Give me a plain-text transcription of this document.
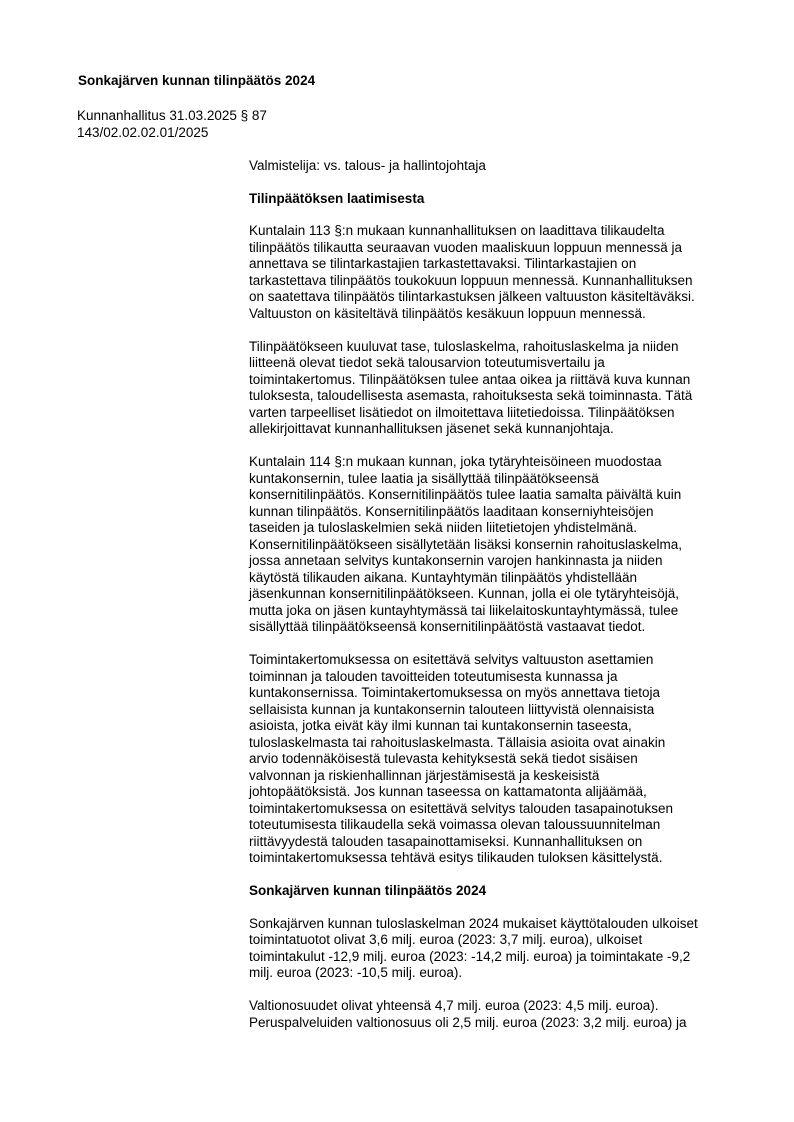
Sonkajärven kunnan tilinpäätös 2024
Kunnanhallitus 31.03.2025 § 87
143/02.02.02.01/2025
Valmistelija: vs. talous- ja hallintojohtaja
Tilinpäätöksen laatimisesta
Kuntalain 113 §:n mukaan kunnanhallituksen on laadittava tilikaudelta
tilinpäätös tilikautta seuraavan vuoden maaliskuun loppuun mennessä ja
annettava se tilintarkastajien tarkastettavaksi. Tilintarkastajien on
tarkastettava tilinpäätös toukokuun loppuun mennessä. Kunnanhallituksen
on saatettava tilinpäätös tilintarkastuksen jälkeen valtuuston käsiteltäväksi.
Valtuuston on käsiteltävä tilinpäätös kesäkuun loppuun mennessä.
Tilinpäätökseen kuuluvat tase, tuloslaskelma, rahoituslaskelma ja niiden
liitteenä olevat tiedot sekä talousarvion toteutumisvertailu ja
toimintakertomus. Tilinpäätöksen tulee antaa oikea ja riittävä kuva kunnan
tuloksesta, taloudellisesta asemasta, rahoituksesta sekä toiminnasta. Tätä
varten tarpeelliset lisätiedot on ilmoitettava liitetiedoissa. Tilinpäätöksen
allekirjoittavat kunnanhallituksen jäsenet sekä kunnanjohtaja.
Kuntalain 114 §:n mukaan kunnan, joka tytäryhteisöineen muodostaa
kuntakonsernin, tulee laatia ja sisällyttää tilinpäätökseensä
konsernitilinpäätös. Konsernitilinpäätös tulee laatia samalta päivältä kuin
kunnan tilinpäätös. Konsernitilinpäätös laaditaan konserniyhteisöjen
taseiden ja tuloslaskelmien sekä niiden liitetietojen yhdistelmänä.
Konsernitilinpäätökseen sisällytetään lisäksi konsernin rahoituslaskelma,
jossa annetaan selvitys kuntakonsernin varojen hankinnasta ja niiden
käytöstä tilikauden aikana. Kuntayhtymän tilinpäätös yhdistellään
jäsenkunnan konsernitilinpäätökseen. Kunnan, jolla ei ole tytäryhteisöjä,
mutta joka on jäsen kuntayhtymässä tai liikelaitoskuntayhtymässä, tulee
sisällyttää tilinpäätökseensä konsernitilinpäätöstä vastaavat tiedot.
Toimintakertomuksessa on esitettävä selvitys valtuuston asettamien
toiminnan ja talouden tavoitteiden toteutumisesta kunnassa ja
kuntakonsernissa. Toimintakertomuksessa on myös annettava tietoja
sellaisista kunnan ja kuntakonsernin talouteen liittyvistä olennaisista
asioista, jotka eivät käy ilmi kunnan tai kuntakonsernin taseesta,
tuloslaskelmasta tai rahoituslaskelmasta. Tällaisia asioita ovat ainakin
arvio todennäköisestä tulevasta kehityksestä sekä tiedot sisäisen
valvonnan ja riskienhallinnan järjestämisestä ja keskeisistä
johtopäätöksistä. Jos kunnan taseessa on kattamatonta alijäämää,
toimintakertomuksessa on esitettävä selvitys talouden tasapainotuksen
toteutumisesta tilikaudella sekä voimassa olevan taloussuunnitelman
riittävyydestä talouden tasapainottamiseksi. Kunnanhallituksen on
toimintakertomuksessa tehtävä esitys tilikauden tuloksen käsittelystä.
Sonkajärven kunnan tilinpäätös 2024
Sonkajärven kunnan tuloslaskelman 2024 mukaiset käyttötalouden ulkoiset
toimintatuotot olivat 3,6 milj. euroa (2023: 3,7 milj. euroa), ulkoiset
toimintakulut -12,9 milj. euroa (2023: -14,2 milj. euroa) ja toimintakate -9,2
milj. euroa (2023: -10,5 milj. euroa).
Valtionosuudet olivat yhteensä 4,7 milj. euroa (2023: 4,5 milj. euroa).
Peruspalveluiden valtionosuus oli 2,5 milj. euroa (2023: 3,2 milj. euroa) ja
